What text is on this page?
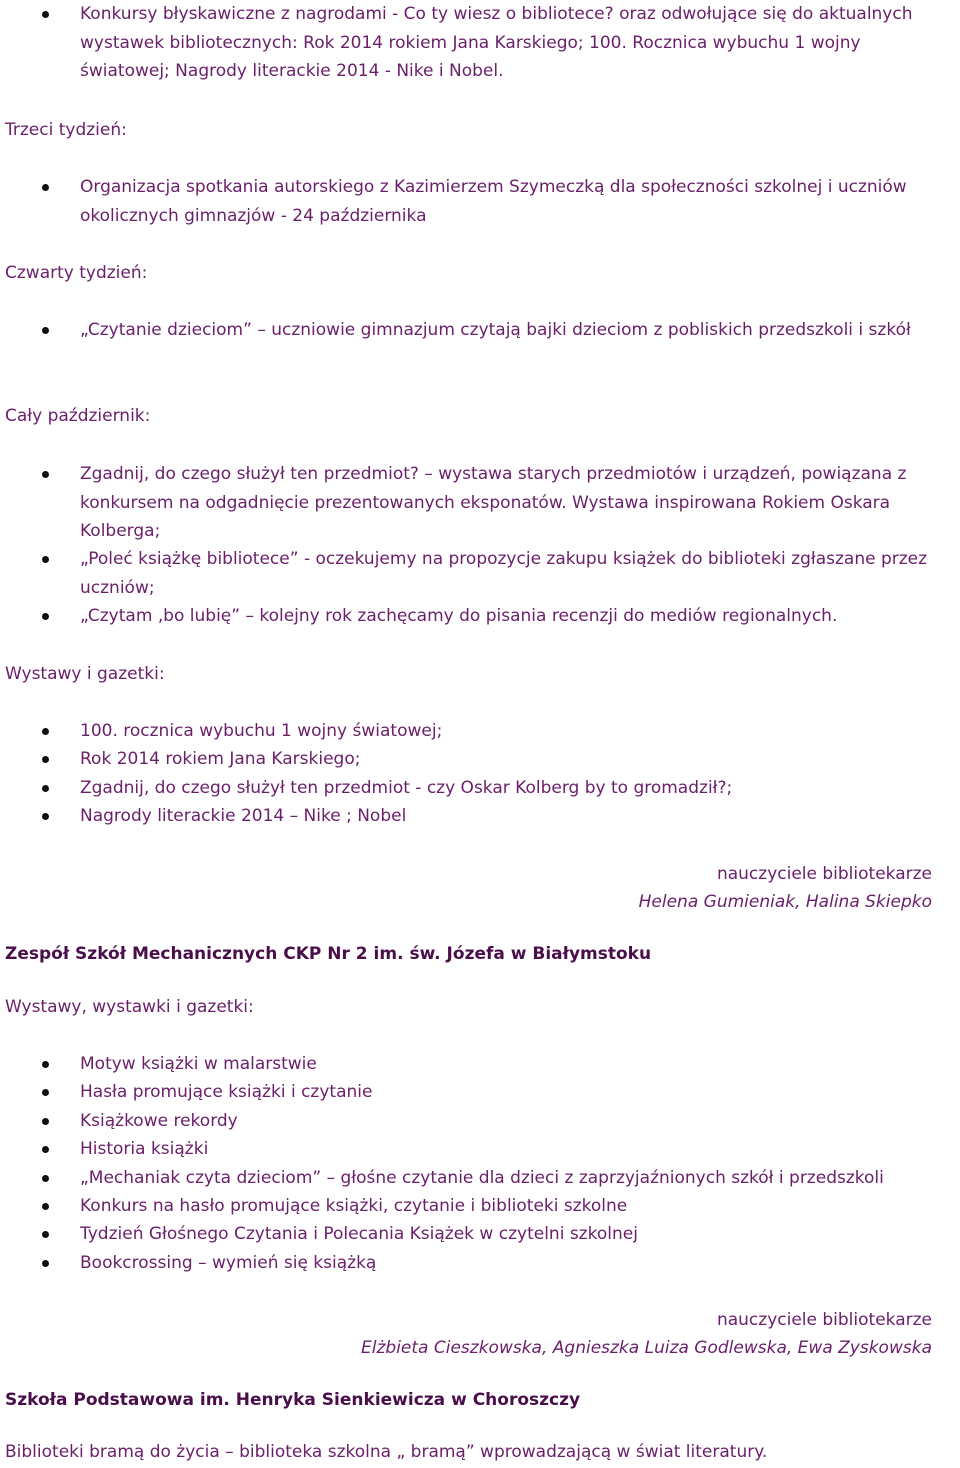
Konkursy błyskawiczne z nagrodami - Co ty wiesz o bibliotece? oraz odwołujące się do aktualnych wystawek bibliotecznych: Rok 2014 rokiem Jana Karskiego; 100. Rocznica wybuchu 1 wojny światowej; Nagrody literackie 2014 - Nike i Nobel.
Trzeci tydzień:
Organizacja spotkania autorskiego z Kazimierzem Szymeczką dla społeczności szkolnej i uczniów okolicznych gimnazjów - 24 października
Czwarty tydzień:
„Czytanie dzieciom” – uczniowie gimnazjum czytają bajki dzieciom z pobliskich przedszkoli i szkół
Cały październik:
Zgadnij, do czego służył ten przedmiot? – wystawa starych przedmiotów i urządzeń, powiązana z konkursem na odgadnięcie prezentowanych eksponatów. Wystawa inspirowana Rokiem Oskara Kolberga;
„Poleć książkę bibliotece” - oczekujemy na propozycje zakupu książek do biblioteki zgłaszane przez uczniów;
„Czytam ‚bo lubię” – kolejny rok zachęcamy do pisania recenzji do mediów regionalnych.
Wystawy i gazetki:
100. rocznica wybuchu 1 wojny światowej;
Rok 2014 rokiem Jana Karskiego;
Zgadnij, do czego służył ten przedmiot - czy Oskar Kolberg by to gromadził?;
Nagrody literackie 2014 – Nike ; Nobel
nauczyciele bibliotekarze
Helena Gumieniak, Halina Skiepko
Zespół Szkół Mechanicznych CKP Nr 2 im. św. Józefa w Białymstoku
Wystawy, wystawki i gazetki:
Motyw książki w malarstwie
Hasła promujące książki i czytanie
Książkowe rekordy
Historia książki
„Mechaniak czyta dzieciom” – głośne czytanie dla dzieci z zaprzyjaźnionych szkół i przedszkoli
Konkurs na hasło promujące książki, czytanie i biblioteki szkolne
Tydzień Głośnego Czytania i Polecania Książek w czytelni szkolnej
Bookcrossing – wymień się książką
nauczyciele bibliotekarze
Elżbieta Cieszkowska, Agnieszka Luiza Godlewska, Ewa Zyskowska
Szkoła Podstawowa im. Henryka Sienkiewicza w Choroszczy
Biblioteki bramą do życia – biblioteka szkolna „ bramą” wprowadzającą w świat literatury.
